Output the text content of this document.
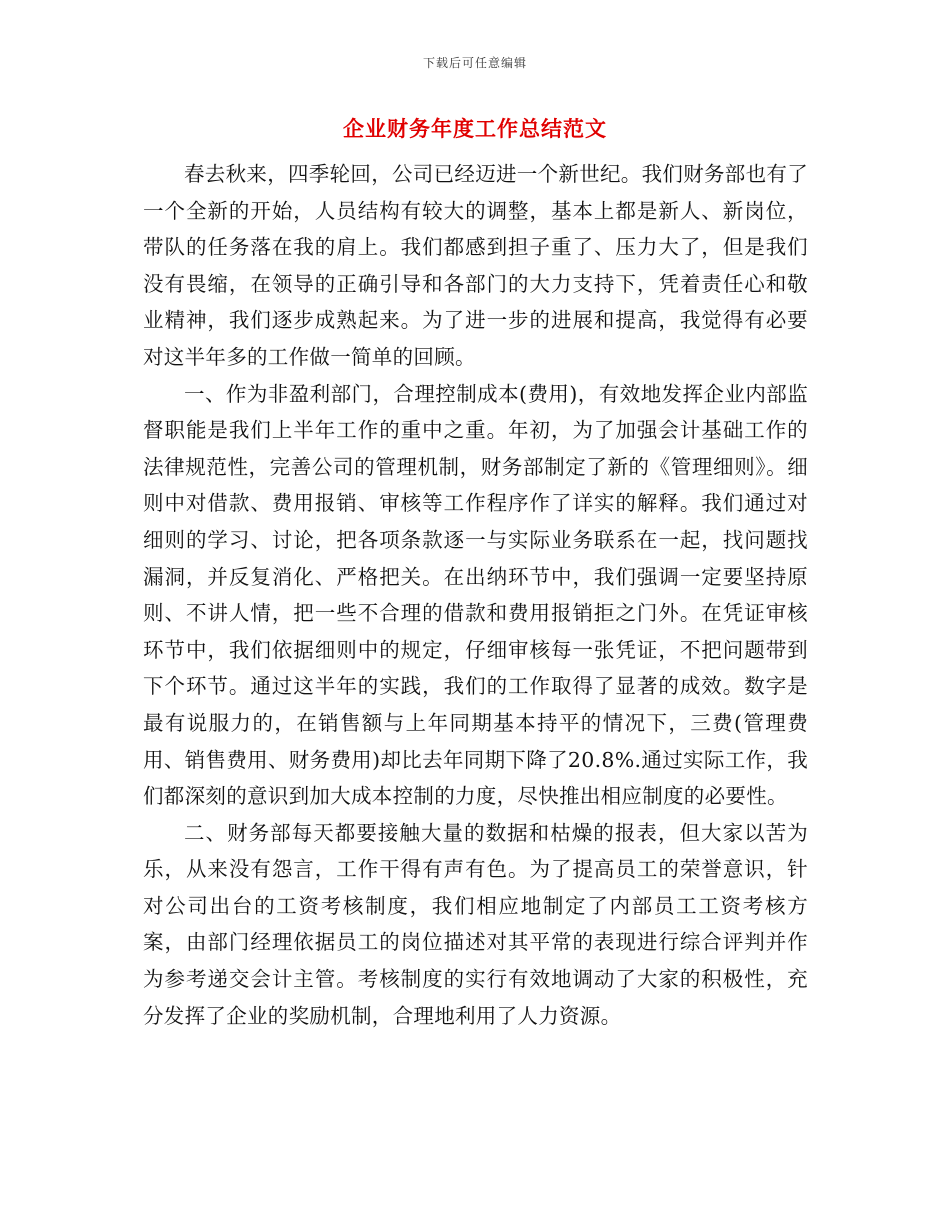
下载后可任意编辑
企业财务年度工作总结范文

春去秋来，四季轮回，公司已经迈进一个新世纪。我们财务部也有了一个全新的开始，人员结构有较大的调整，基本上都是新人、新岗位，带队的任务落在我的肩上。我们都感到担子重了、压力大了，但是我们没有畏缩，在领导的正确引导和各部门的大力支持下，凭着责任心和敬业精神，我们逐步成熟起来。为了进一步的进展和提高，我觉得有必要对这半年多的工作做一简单的回顾。

一、作为非盈利部门，合理控制成本(费用)，有效地发挥企业内部监督职能是我们上半年工作的重中之重。年初，为了加强会计基础工作的法律规范性，完善公司的管理机制，财务部制定了新的《管理细则》。细则中对借款、费用报销、审核等工作程序作了详实的解释。我们通过对细则的学习、讨论，把各项条款逐一与实际业务联系在一起，找问题找漏洞，并反复消化、严格把关。在出纳环节中，我们强调一定要坚持原则、不讲人情，把一些不合理的借款和费用报销拒之门外。在凭证审核环节中，我们依据细则中的规定，仔细审核每一张凭证，不把问题带到下个环节。通过这半年的实践，我们的工作取得了显著的成效。数字是最有说服力的，在销售额与上年同期基本持平的情况下，三费(管理费用、销售费用、财务费用)却比去年同期下降了20.8%.通过实际工作，我们都深刻的意识到加大成本控制的力度，尽快推出相应制度的必要性。

二、财务部每天都要接触大量的数据和枯燥的报表，但大家以苦为乐，从来没有怨言，工作干得有声有色。为了提高员工的荣誉意识，针对公司出台的工资考核制度，我们相应地制定了内部员工工资考核方案，由部门经理依据员工的岗位描述对其平常的表现进行综合评判并作为参考递交会计主管。考核制度的实行有效地调动了大家的积极性，充分发挥了企业的奖励机制，合理地利用了人力资源。
